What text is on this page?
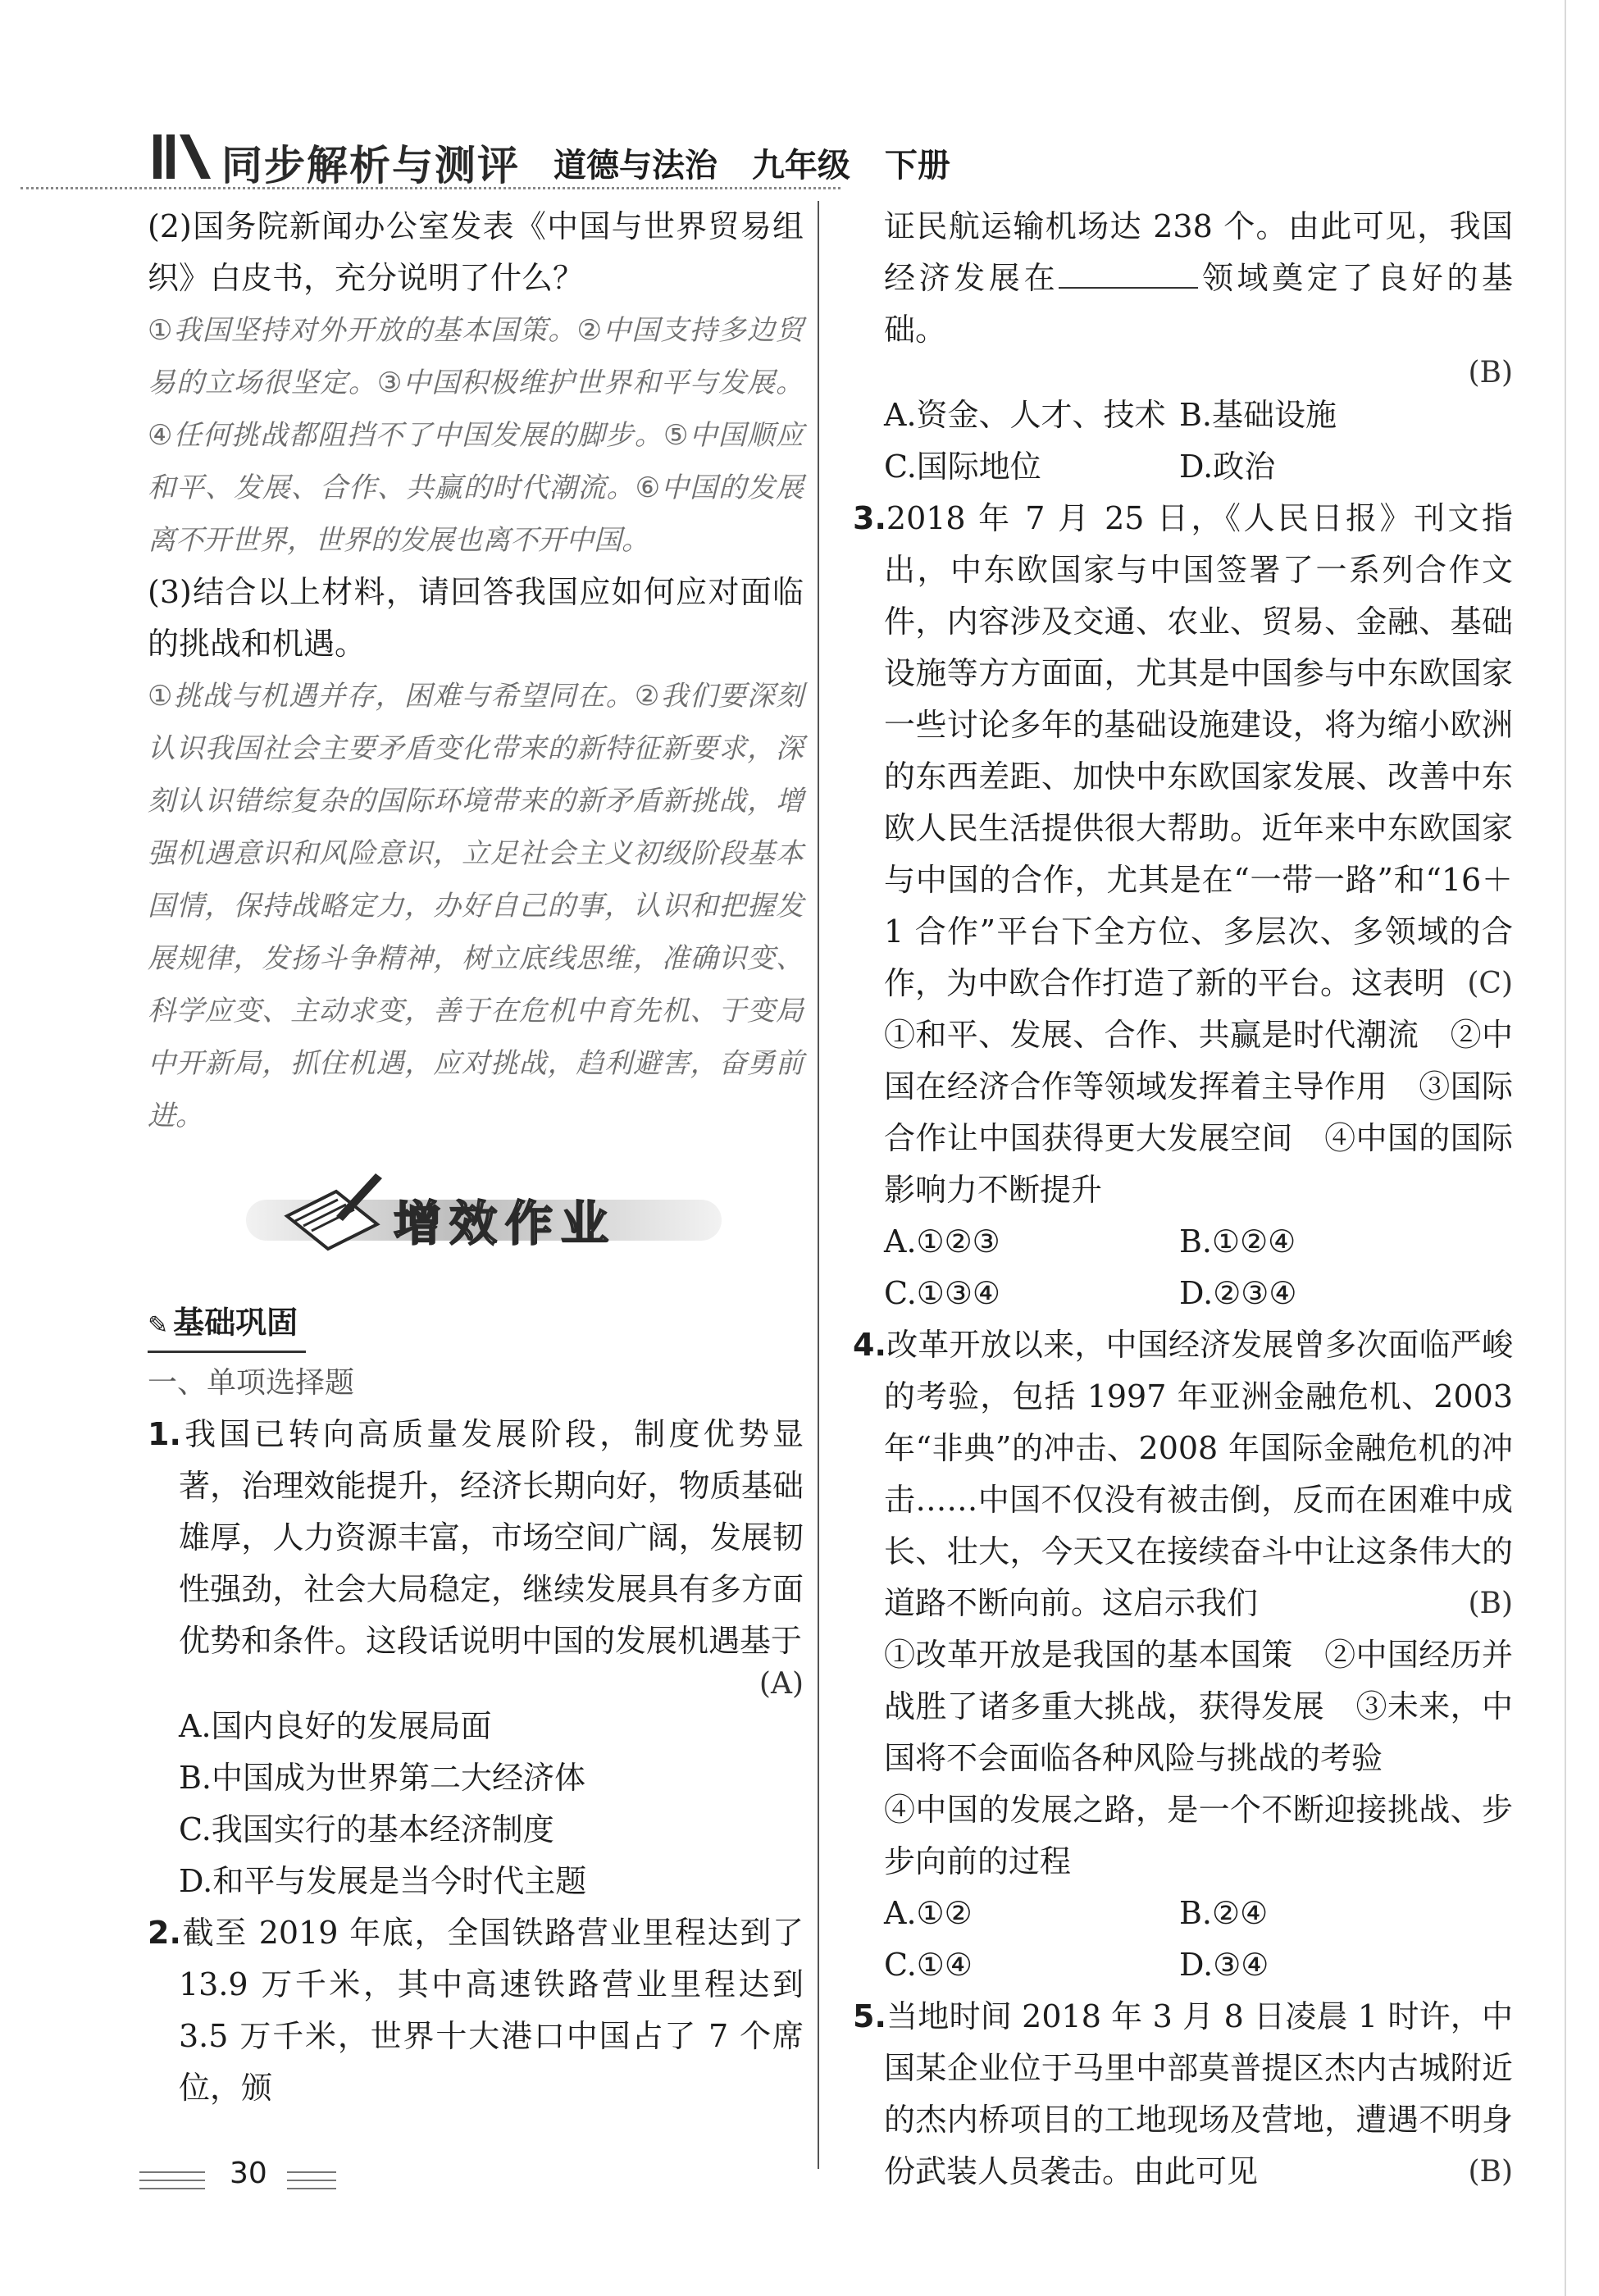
同步解析与测评 道德与法治 九年级 下册

(2)国务院新闻办公室发表《中国与世界贸易组织》白皮书，充分说明了什么？

①我国坚持对外开放的基本国策。②中国支持多边贸易的立场很坚定。③中国积极维护世界和平与发展。④任何挑战都阻挡不了中国发展的脚步。⑤中国顺应和平、发展、合作、共赢的时代潮流。⑥中国的发展离不开世界，世界的发展也离不开中国。

(3)结合以上材料，请回答我国应如何应对面临的挑战和机遇。

①挑战与机遇并存，困难与希望同在。②我们要深刻认识我国社会主要矛盾变化带来的新特征新要求，深刻认识错综复杂的国际环境带来的新矛盾新挑战，增强机遇意识和风险意识，立足社会主义初级阶段基本国情，保持战略定力，办好自己的事，认识和把握发展规律，发扬斗争精神，树立底线思维，准确识变、科学应变、主动求变，善于在危机中育先机、于变局中开新局，抓住机遇，应对挑战，趋利避害，奋勇前进。

增效作业
✎ 基础巩固

一、单项选择题

1.我国已转向高质量发展阶段，制度优势显著，治理效能提升，经济长期向好，物质基础雄厚，人力资源丰富，市场空间广阔，发展韧性强劲，社会大局稳定，继续发展具有多方面优势和条件。这段话说明中国的发展机遇基于

(A)

A.国内良好的发展局面

B.中国成为世界第二大经济体

C.我国实行的基本经济制度

D.和平与发展是当今时代主题

2.截至 2019 年底，全国铁路营业里程达到了 13.9 万千米，其中高速铁路营业里程达到 3.5 万千米，世界十大港口中国占了 7 个席位，颁

证民航运输机场达 238 个。由此可见，我国经济发展在	领域奠定了良好的基础。

(B)
A.资金、人才、技术 B.基础设施
C.国际地位	D.政治

3.2018 年 7 月 25 日，《人民日报》刊文指出，中东欧国家与中国签署了一系列合作文件，内容涉及交通、农业、贸易、金融、基础设施等方方面面，尤其是中国参与中东欧国家一些讨论多年的基础设施建设，将为缩小欧洲的东西差距、加快中东欧国家发展、改善中东欧人民生活提供很大帮助。近年来中东欧国家与中国的合作，尤其是在“一带一路”和“16＋1 合作”平台下全方位、多层次、多领域的合作，为中欧合作打造了新的平台。这表明 (C)

①和平、发展、合作、共赢是时代潮流　②中国在经济合作等领域发挥着主导作用　③国际合作让中国获得更大发展空间　④中国的国际影响力不断提升

A.①②③	B.①②④
C.①③④	D.②③④

4.改革开放以来，中国经济发展曾多次面临严峻的考验，包括 1997 年亚洲金融危机、2003 年“非典”的冲击、2008 年国际金融危机的冲击……中国不仅没有被击倒，反而在困难中成长、壮大，今天又在接续奋斗中让这条伟大的道路不断向前。这启示我们	(B)

①改革开放是我国的基本国策　②中国经历并战胜了诸多重大挑战，获得发展　③未来，中国将不会面临各种风险与挑战的考验

④中国的发展之路，是一个不断迎接挑战、步步向前的过程

A.①②	B.②④
C.①④	D.③④

5.当地时间 2018 年 3 月 8 日凌晨 1 时许，中国某企业位于马里中部莫普提区杰内古城附近的杰内桥项目的工地现场及营地，遭遇不明身份武装人员袭击。由此可见	(B)

30
